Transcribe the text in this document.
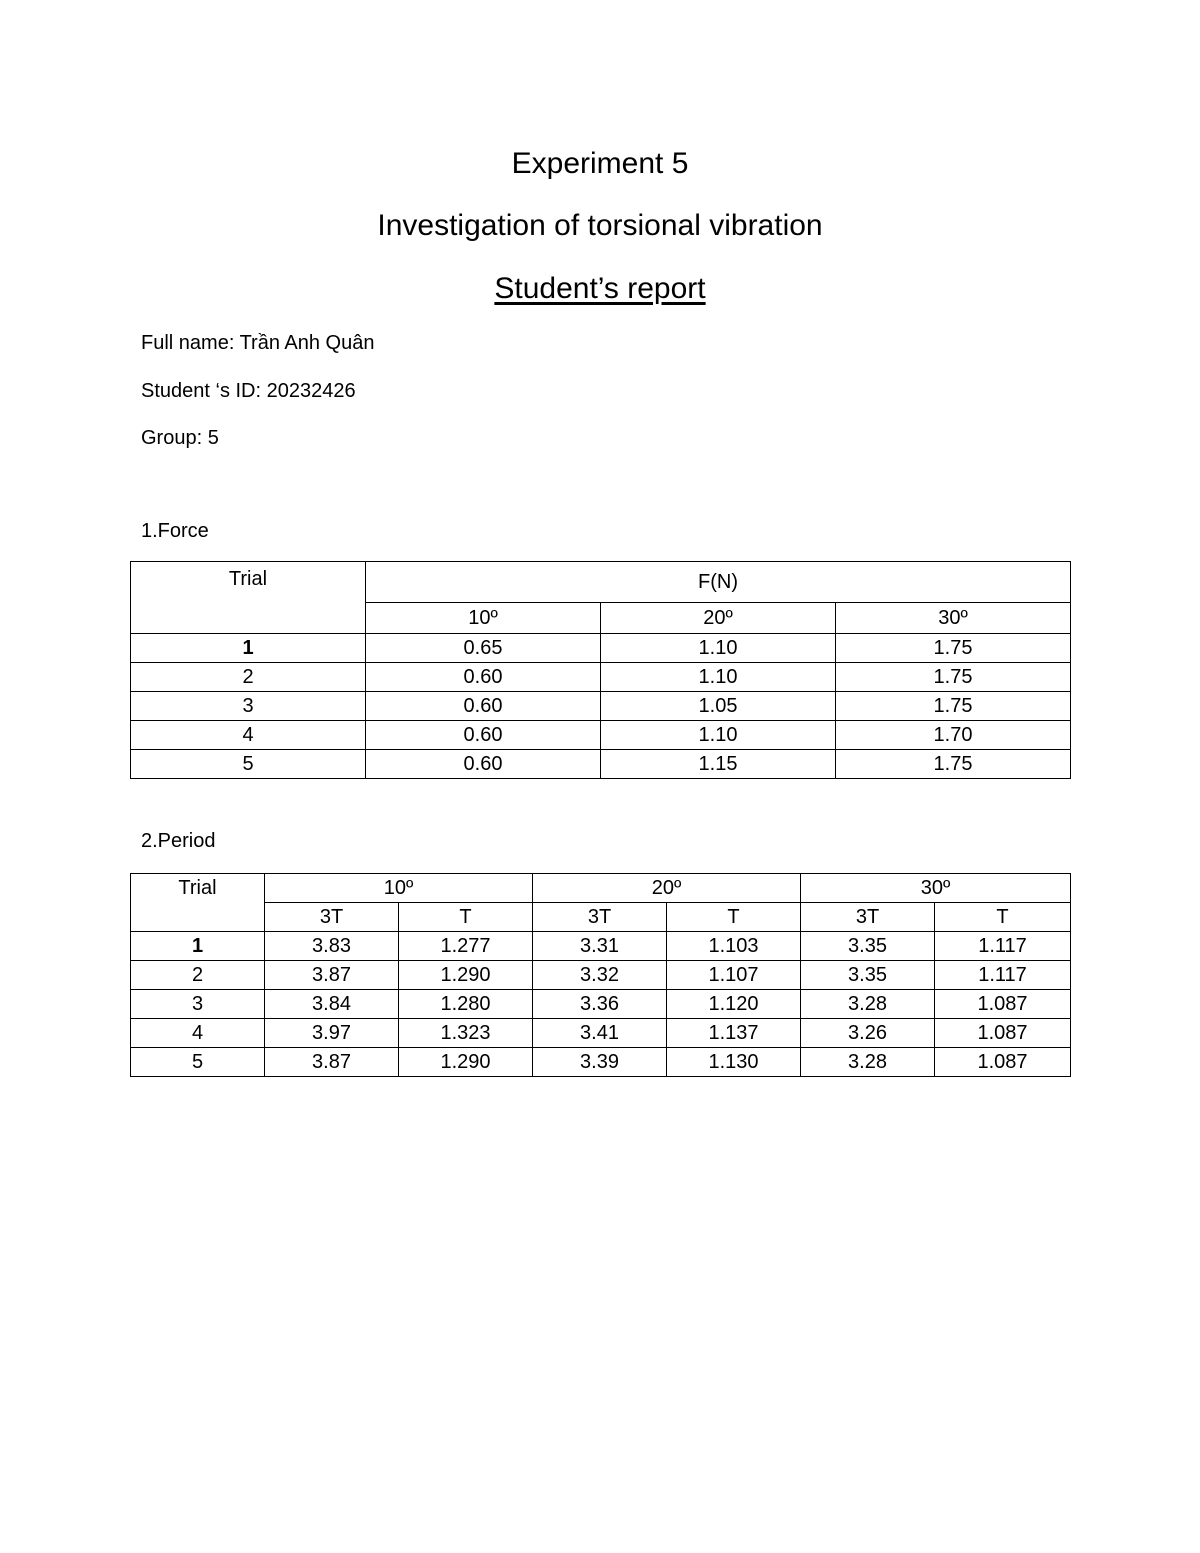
Experiment 5
Investigation of torsional vibration
Student’s report
Full name: Trần Anh Quân
Student ‘s ID: 20232426
Group: 5
1.Force
Trial	F(N)		
	10º	20º	30º
1	0.65	1.10	1.75
2	0.60	1.10	1.75
3	0.60	1.05	1.75
4	0.60	1.10	1.70
5	0.60	1.15	1.75
2.Period
Trial	10º		20º		30º	
	3T	T	3T	T	3T	T
1	3.83	1.277	3.31	1.103	3.35	1.117
2	3.87	1.290	3.32	1.107	3.35	1.117
3	3.84	1.280	3.36	1.120	3.28	1.087
4	3.97	1.323	3.41	1.137	3.26	1.087
5	3.87	1.290	3.39	1.130	3.28	1.087
